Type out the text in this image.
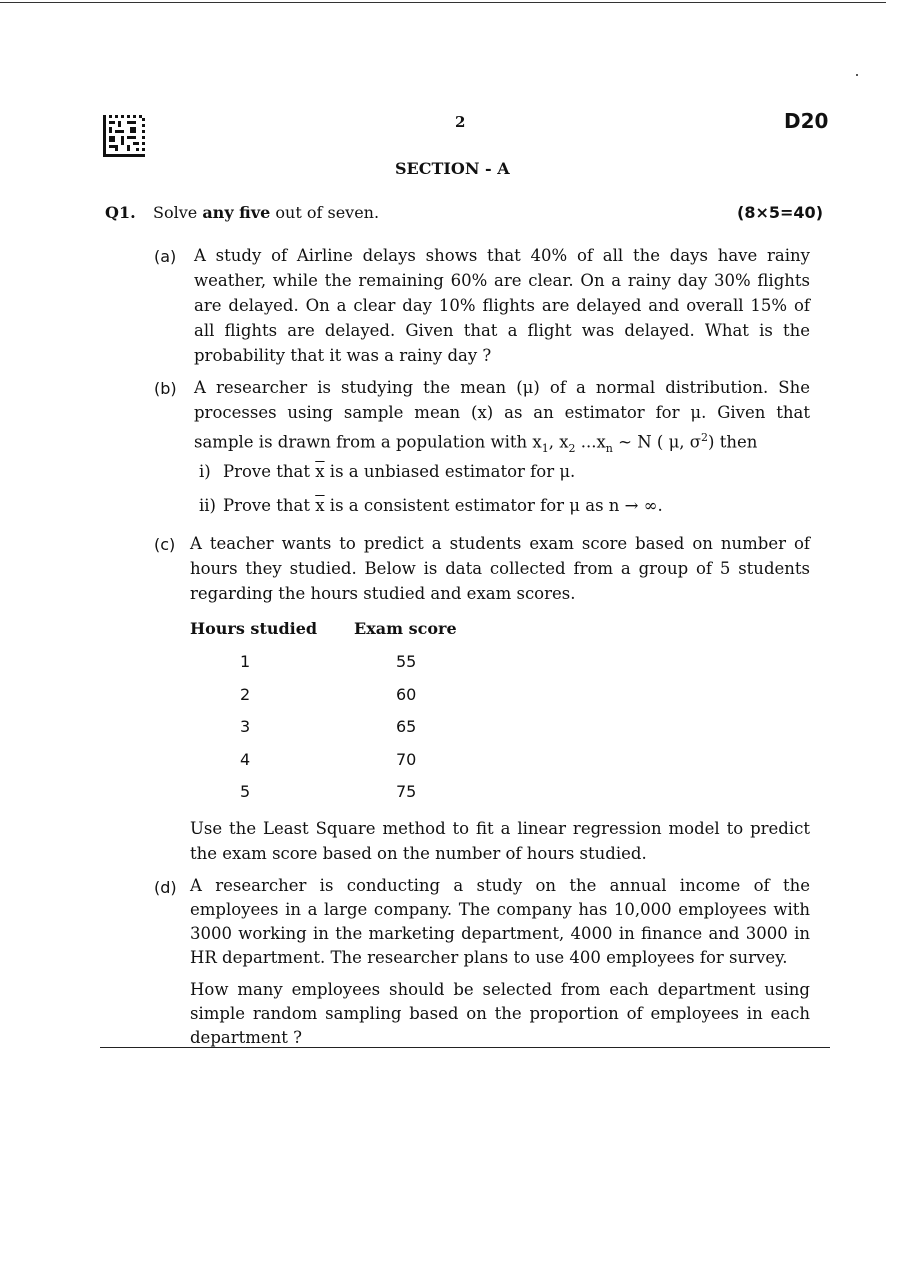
2	D20
SECTION - A
Q1. Solve any five out of seven.	(8×5=40)
(a) A study of Airline delays shows that 40% of all the days have rainy weather, while the remaining 60% are clear. On a rainy day 30% flights are delayed. On a clear day 10% flights are delayed and overall 15% of all flights are delayed. Given that a flight was delayed. What is the probability that it was a rainy day ?

(b) A researcher is studying the mean (μ) of a normal distribution. She processes using sample mean (x) as an estimator for μ. Given that sample is drawn from a population with $x_1$, $x_2$ $...x_n$ ~ N ( μ, $\sigma^2$) then

i) Prove that $\overline{x}$ is a unbiased estimator for μ.
ii) Prove that $\overline{x}$ is a consistent estimator for μ as n → ∞.
(c) A teacher wants to predict a students exam score based on number of hours they studied. Below is data collected from a group of 5 students regarding the hours studied and exam scores.

Hours studied Exam score
1	55
2	60
3	65
4	70
5	75

Use the Least Square method to fit a linear regression model to predict the exam score based on the number of hours studied.

(d) A researcher is conducting a study on the annual income of the employees in a large company. The company has 10,000 employees with 3000 working in the marketing department, 4000 in finance and 3000 in HR department. The researcher plans to use 400 employees for survey.

How many employees should be selected from each department using simple random sampling based on the proportion of employees in each department ?
